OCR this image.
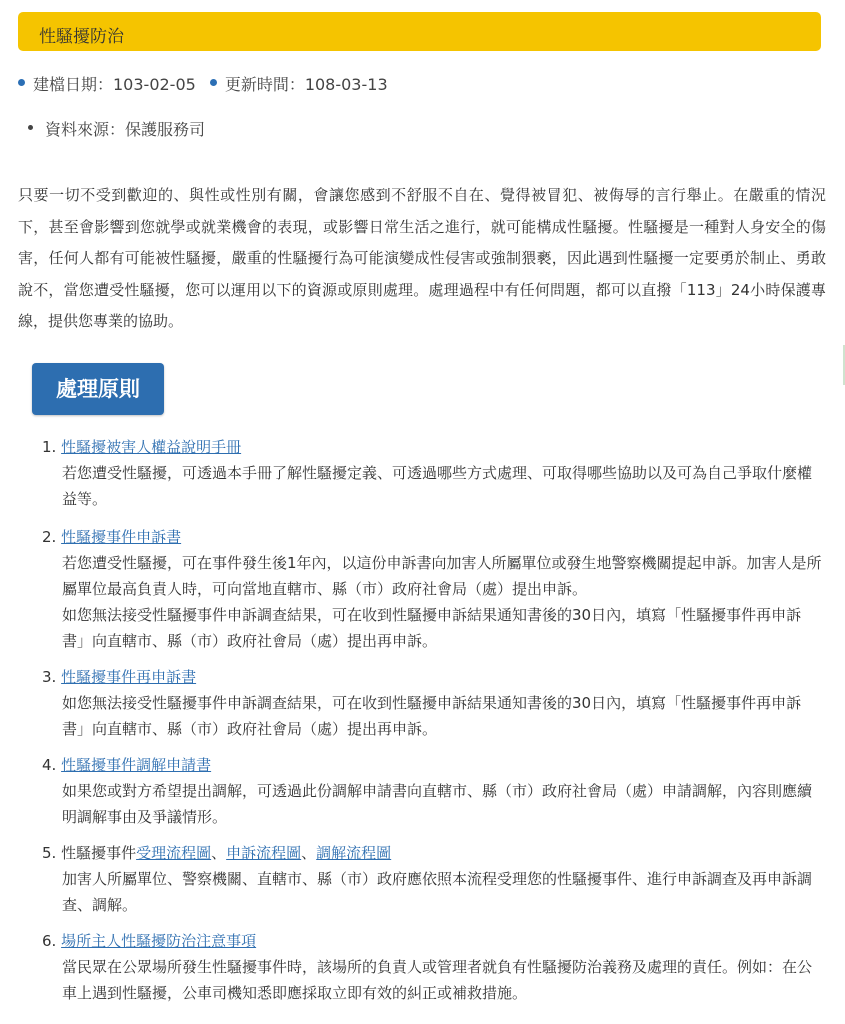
性騷擾防治
建檔日期：103-02-05 更新時間：108-03-13
資料來源：保護服務司
只要一切不受到歡迎的、與性或性別有關，會讓您感到不舒服不自在、覺得被冒犯、被侮辱的言行舉止。在嚴重的情況下，甚至會影響到您就學或就業機會的表現，或影響日常生活之進行，就可能構成性騷擾。性騷擾是一種對人身安全的傷害，任何人都有可能被性騷擾，嚴重的性騷擾行為可能演變成性侵害或強制猥褻，因此遇到性騷擾一定要勇於制止、勇敢說不，當您遭受性騷擾，您可以運用以下的資源或原則處理。處理過程中有任何問題，都可以直撥「113」24小時保護專線，提供您專業的協助。
處理原則
1. 性騷擾被害人權益說明手冊

若您遭受性騷擾，可透過本手冊了解性騷擾定義、可透過哪些方式處理、可取得哪些協助以及可為自己爭取什麼權益等。

2. 性騷擾事件申訴書

若您遭受性騷擾，可在事件發生後1年內，以這份申訴書向加害人所屬單位或發生地警察機關提起申訴。加害人是所屬單位最高負責人時，可向當地直轄市、縣（市）政府社會局（處）提出申訴。

如您無法接受性騷擾事件申訴調查結果，可在收到性騷擾申訴結果通知書後的30日內，填寫「性騷擾事件再申訴書」向直轄市、縣（市）政府社會局（處）提出再申訴。

3. 性騷擾事件再申訴書

如您無法接受性騷擾事件申訴調查結果，可在收到性騷擾申訴結果通知書後的30日內，填寫「性騷擾事件再申訴書」向直轄市、縣（市）政府社會局（處）提出再申訴。

4. 性騷擾事件調解申請書

如果您或對方希望提出調解，可透過此份調解申請書向直轄市、縣（市）政府社會局（處）申請調解，內容則應續明調解事由及爭議情形。

5. 性騷擾事件受理流程圖、申訴流程圖、調解流程圖

加害人所屬單位、警察機關、直轄市、縣（市）政府應依照本流程受理您的性騷擾事件、進行申訴調查及再申訴調查、調解。

6. 場所主人性騷擾防治注意事項

當民眾在公眾場所發生性騷擾事件時，該場所的負責人或管理者就負有性騷擾防治義務及處理的責任。例如：在公車上遇到性騷擾，公車司機知悉即應採取立即有效的糾正或補救措施。
